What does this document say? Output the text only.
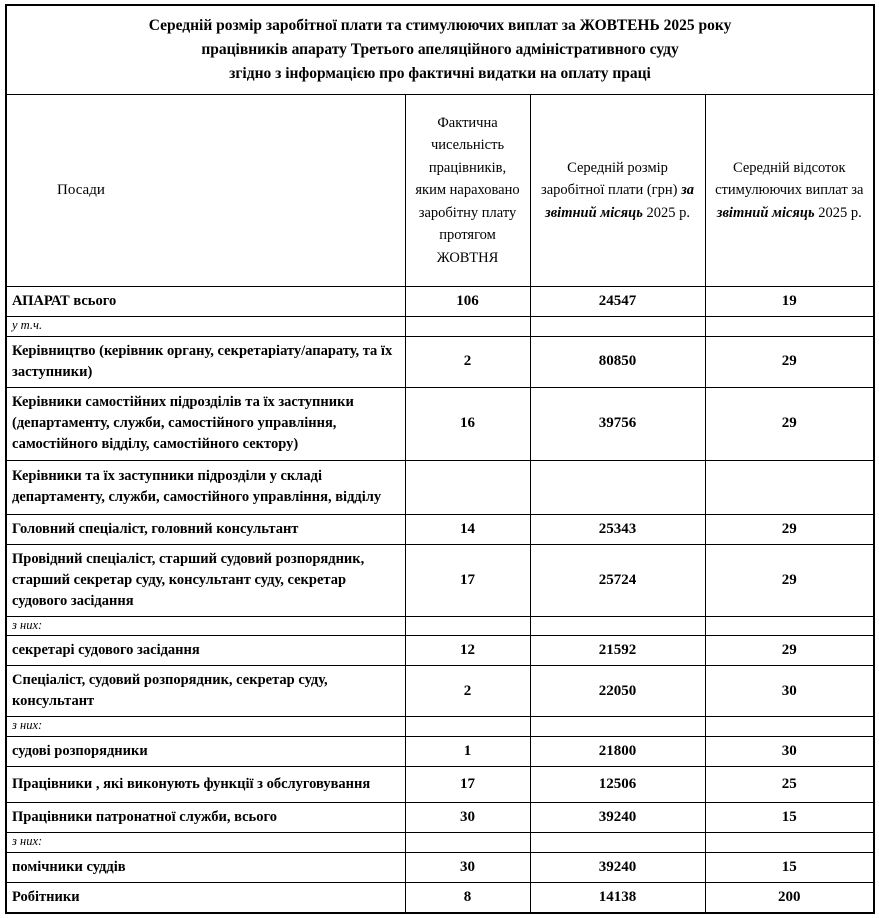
Середній розмір заробітної плати та стимулюючих виплат за ЖОВТЕНЬ 2025 року
працівників апарату Третього апеляційного адміністративного суду
згідно з інформацією про фактичні видатки на оплату праці			

Посади	Фактична чисельність працівників, яким нараховано заробітну плату протягом ЖОВТНЯ	Середній розмір заробітної плати (грн) за звітний місяць 2025 р.	Середній відсоток стимулюючих виплат за звітний місяць 2025 р.
АПАРАТ всього	106	24547	19
у т.ч.			
Керівництво (керівник органу, секретаріату/апарату, та їх заступники)	2	80850	29
Керівники самостійних підрозділів та їх заступники (департаменту, служби, самостійного управління, самостійного відділу, самостійного сектору)	16	39756	29
Керівники та їх заступники підрозділи у складі департаменту, служби, самостійного управління, відділу			
Головний спеціаліст, головний консультант	14	25343	29
Провідний спеціаліст, старший судовий розпорядник, старший секретар суду, консультант суду, секретар судового засідання	17	25724	29
з них:			
секретарі судового засідання	12	21592	29
Спеціаліст, судовий розпорядник, секретар суду, консультант	2	22050	30
з них:			
судові розпорядники	1	21800	30
Працівники , які виконують функції з обслуговування	17	12506	25
Працівники патронатної служби, всього	30	39240	15
з них:			
помічники суддів	30	39240	15
Робітники	8	14138	200
